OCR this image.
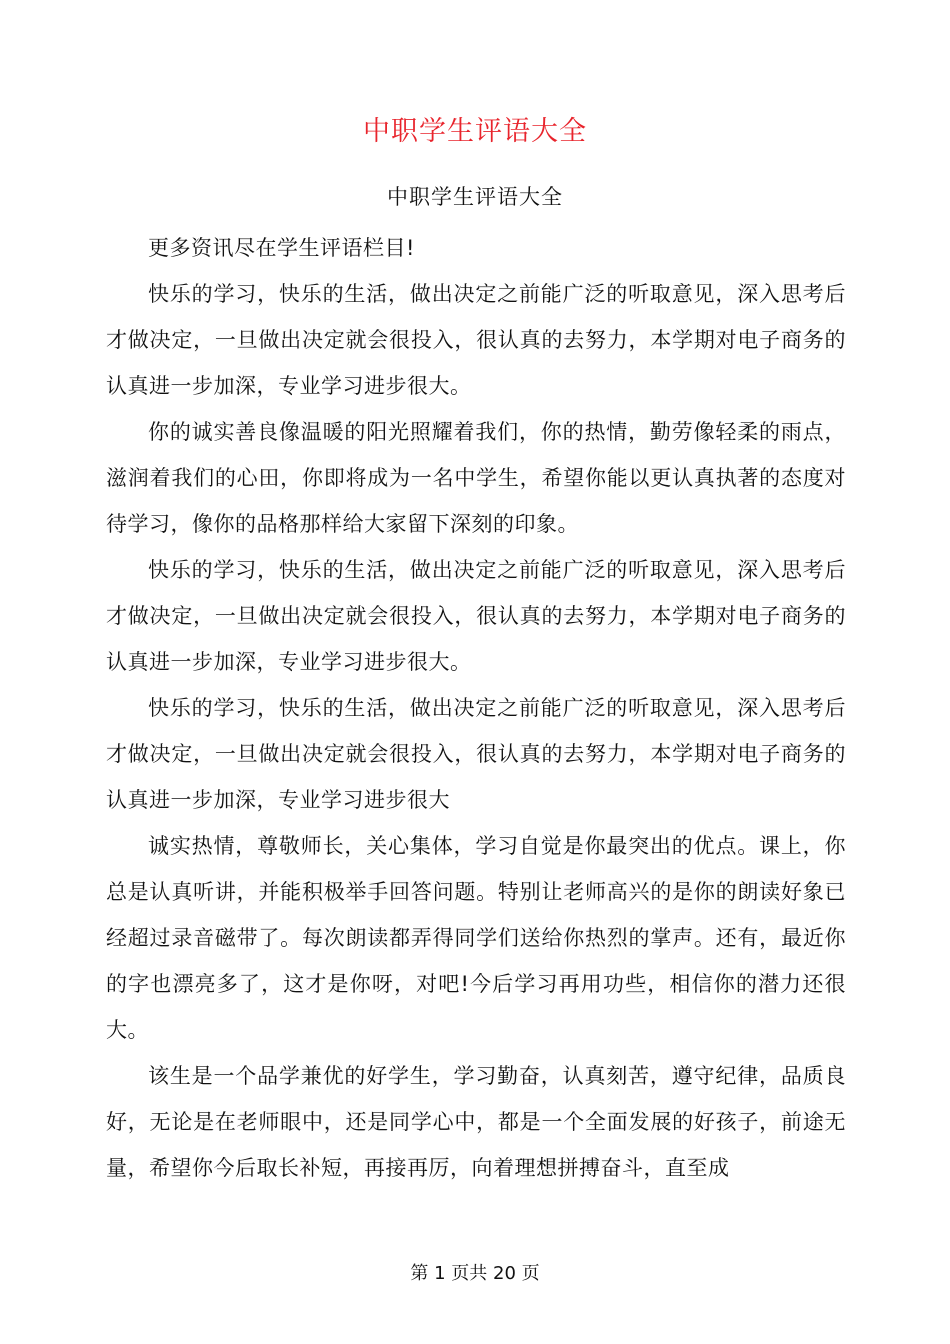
中职学生评语大全
中职学生评语大全

更多资讯尽在学生评语栏目!

快乐的学习，快乐的生活，做出决定之前能广泛的听取意见，深入思考后才做决定，一旦做出决定就会很投入，很认真的去努力，本学期对电子商务的认真进一步加深，专业学习进步很大。

你的诚实善良像温暖的阳光照耀着我们，你的热情，勤劳像轻柔的雨点，滋润着我们的心田，你即将成为一名中学生，希望你能以更认真执著的态度对待学习，像你的品格那样给大家留下深刻的印象。

快乐的学习，快乐的生活，做出决定之前能广泛的听取意见，深入思考后才做决定，一旦做出决定就会很投入，很认真的去努力，本学期对电子商务的认真进一步加深，专业学习进步很大。

快乐的学习，快乐的生活，做出决定之前能广泛的听取意见，深入思考后才做决定，一旦做出决定就会很投入，很认真的去努力，本学期对电子商务的认真进一步加深，专业学习进步很大

诚实热情，尊敬师长，关心集体，学习自觉是你最突出的优点。课上，你总是认真听讲，并能积极举手回答问题。特别让老师高兴的是你的朗读好象已经超过录音磁带了。每次朗读都弄得同学们送给你热烈的掌声。还有，最近你的字也漂亮多了，这才是你呀，对吧!今后学习再用功些，相信你的潜力还很大。

该生是一个品学兼优的好学生，学习勤奋，认真刻苦，遵守纪律，品质良好，无论是在老师眼中，还是同学心中，都是一个全面发展的好孩子，前途无量，希望你今后取长补短，再接再厉，向着理想拼搏奋斗，直至成

第 1 页共 20 页
